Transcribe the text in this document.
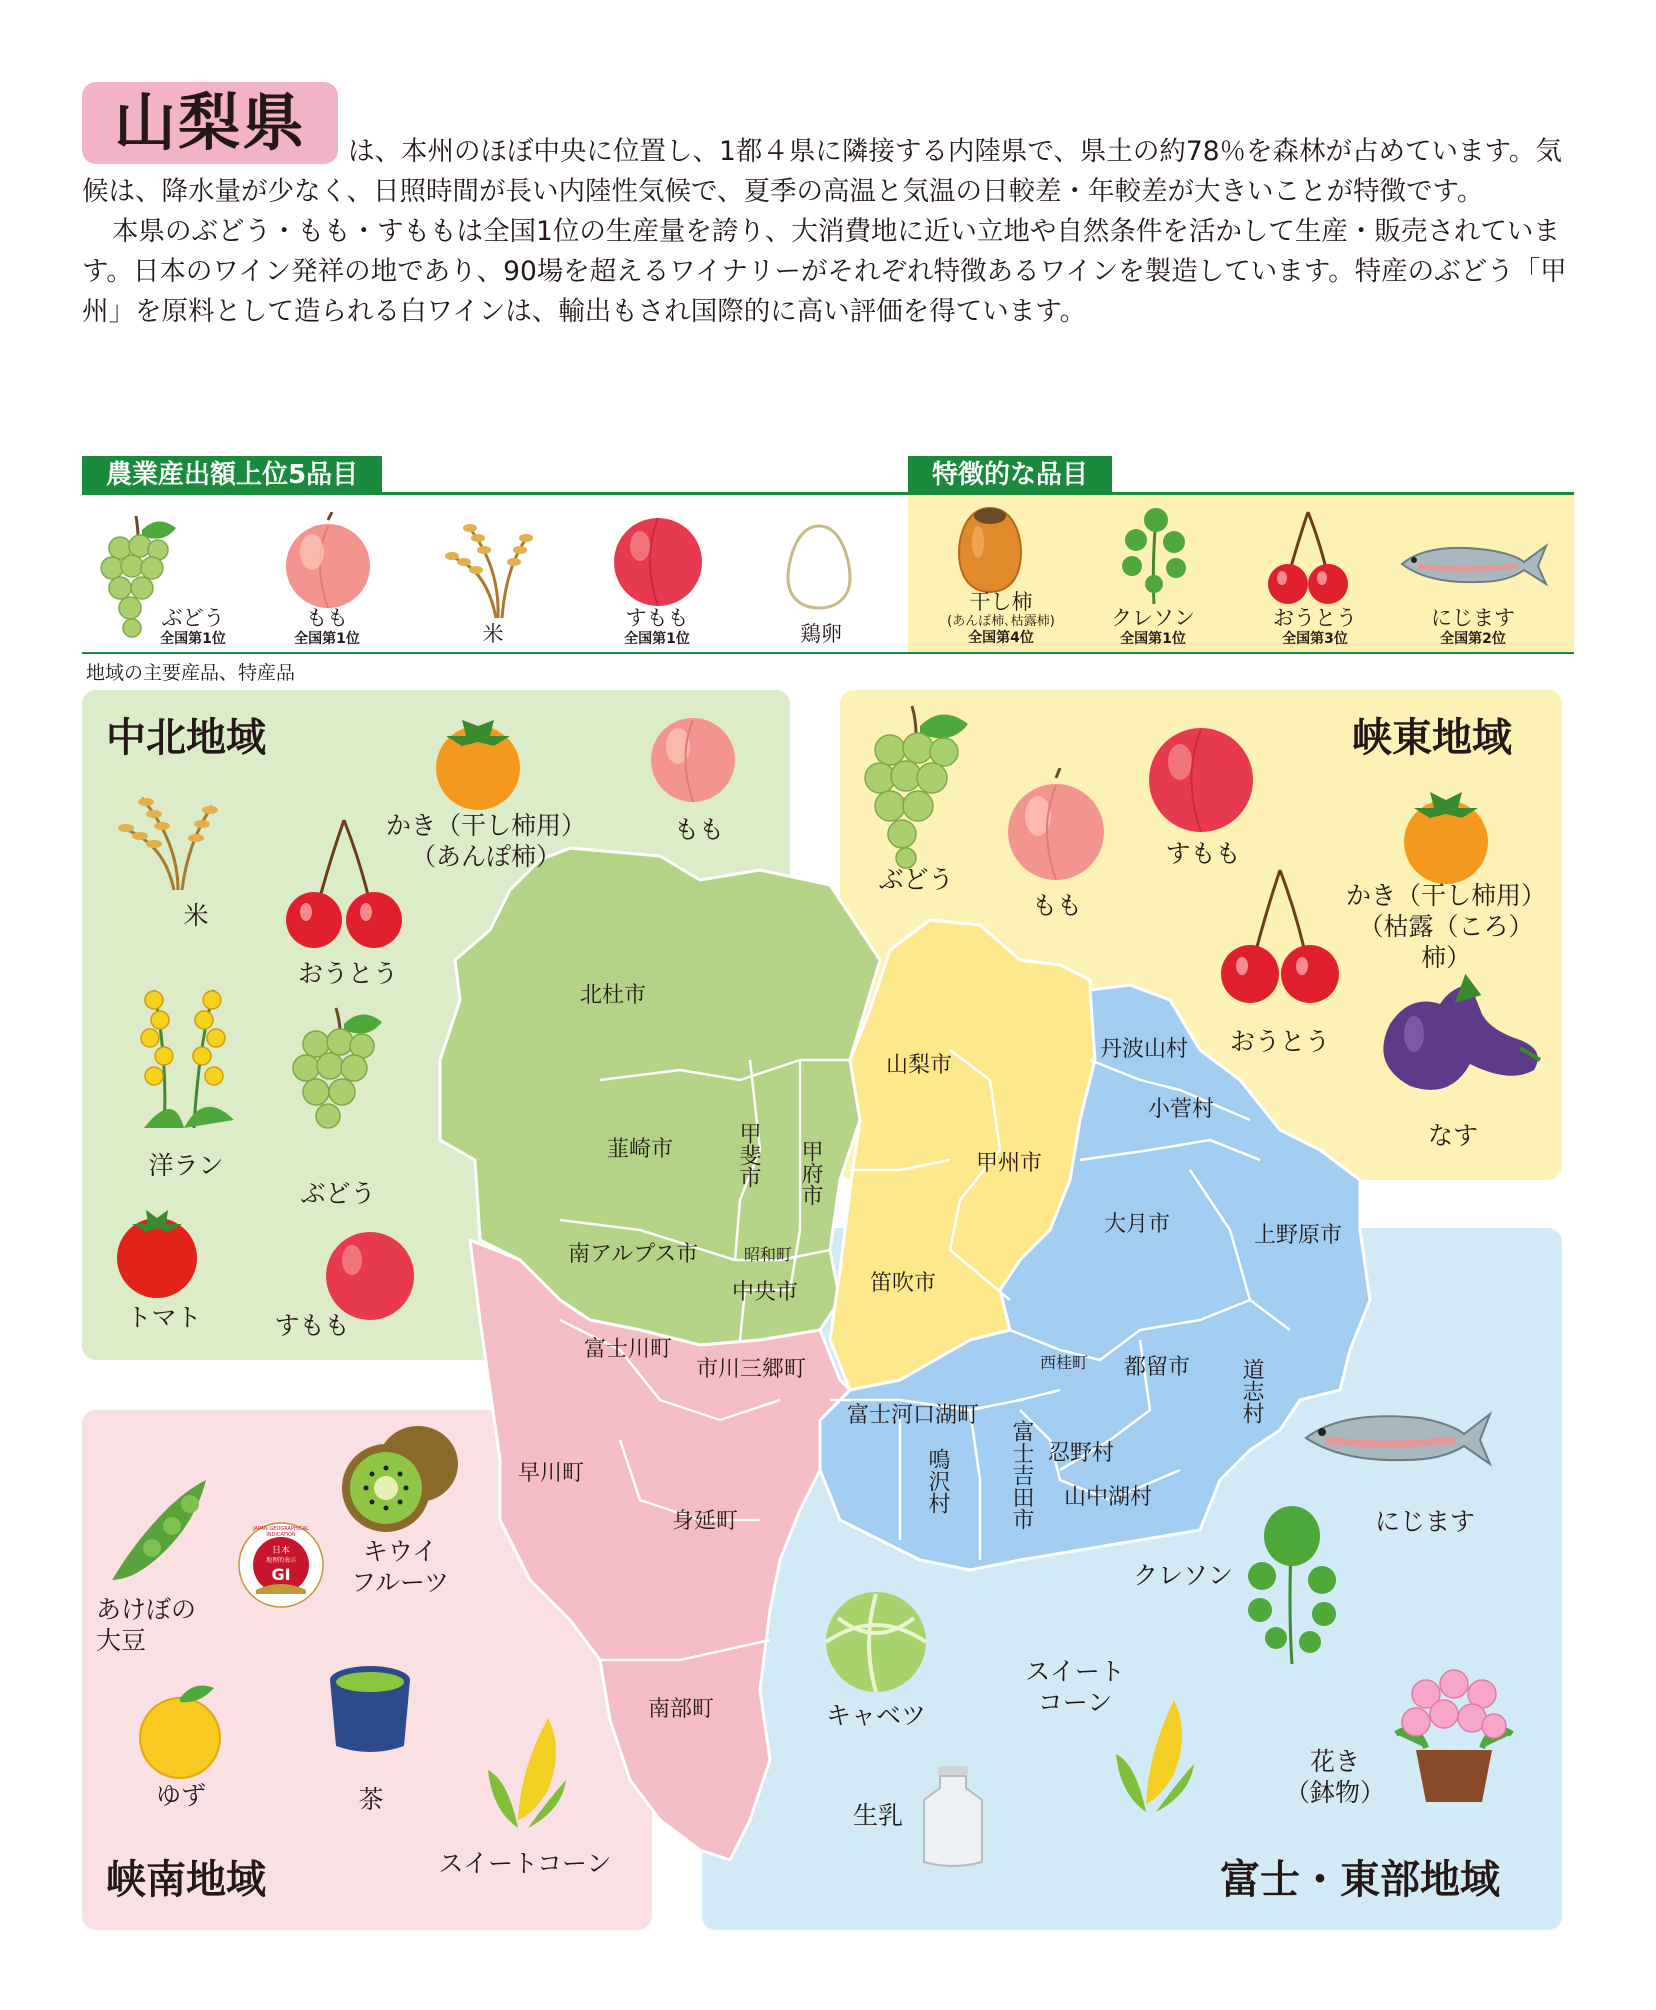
山梨県	は、本州のほぼ中央に位置し、1都４県に隣接する内陸県で、県土の約78％を森林が占めています。気候は、降水量が少なく、日照時間が長い内陸性気候で、夏季の高温と気温の日較差・年較差が大きいことが特徴です。

本県のぶどう・もも・すももは全国1位の生産量を誇り、大消費地に近い立地や自然条件を活かして生産・販売されています。日本のワイン発祥の地であり、90場を超えるワイナリーがそれぞれ特徴あるワインを製造しています。特産のぶどう「甲州」を原料として造られる白ワインは、輸出もされ国際的に高い評価を得ています。

農業産出額上位5品目	特徴的な品目
ぶどう
全国第1位
もも
全国第1位	米
すもも
全国第1位	鶏卵
干し柿
(あんぽ柿､枯露柿)
全国第4位
クレソン
全国第1位
おうとう
全国第3位
にじます
全国第2位
地域の主要産品、特産品
中北地域	峡東地域
峡南地域	富士・東部地域
北杜市
韮崎市	甲斐市 甲府市
南アルプス市	昭和町
中央市
山梨市
甲州市
笛吹市
丹波山村
小菅村
大月市	上野原市
西桂町 都留市 道志村
富士河口湖町
鳴沢村	富士吉田市 忍野村
山中湖村
富士川町
市川三郷町
早川町
身延町
南部町
かき（干し柿用）
（あんぽ柿）
もも
米
おうとう
洋ラン
ぶどう
トマト	すもも
ぶどう
もも
すもも
かき（干し柿用）
（枯露（ころ）柿）
おうとう
なす
日本
地理的表示
GI
JAPAN GEOGRAPHICAL INDICATION
あけぼの
大豆
キウイ
フルーツ
ゆず	茶
スイートコーン
にじます
クレソン
キャベツ
スイート
コーン
花き
（鉢物）
生乳
